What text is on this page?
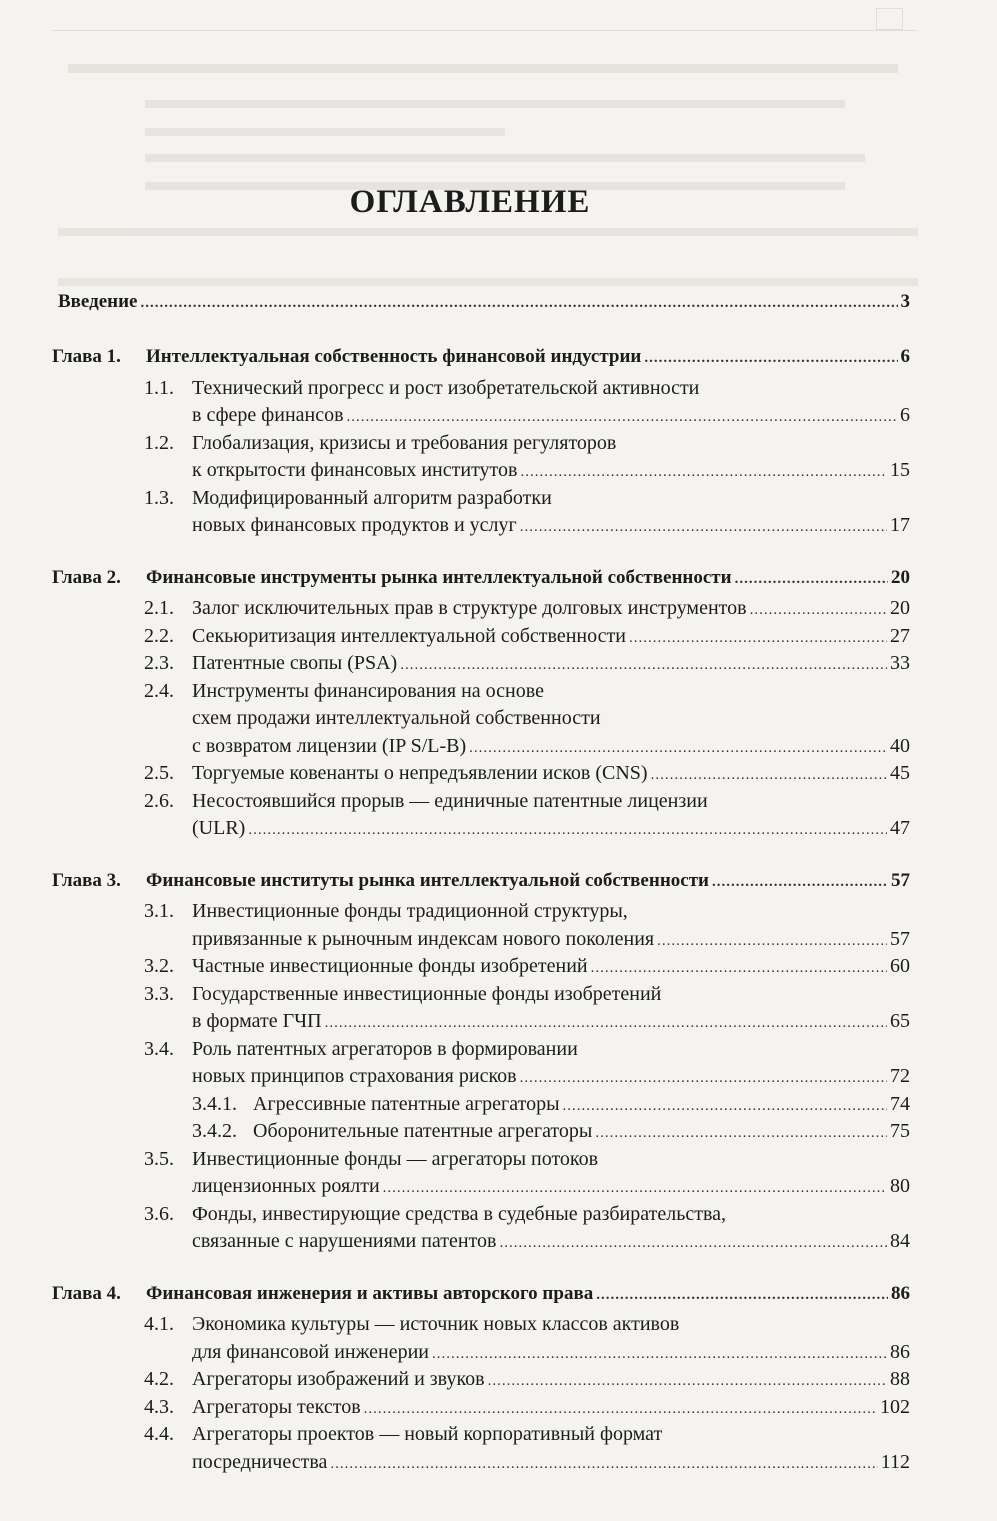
ОГЛАВЛЕНИЕ
Введение .....	3
Глава 1. Интеллектуальная собственность финансовой индустрии .....	6
1.1. Технический прогресс и рост изобретательской активности
в сфере финансов .....	6
1.2. Глобализация, кризисы и требования регуляторов
к открытости финансовых институтов .....	15
1.3. Модифицированный алгоритм разработки
новых финансовых продуктов и услуг .....	17
Глава 2. Финансовые инструменты рынка интеллектуальной собственности .....	20
2.1. Залог исключительных прав в структуре долговых инструментов .....	20
2.2. Секьюритизация интеллектуальной собственности .....	27
2.3. Патентные свопы (PSA) .....	33
2.4. Инструменты финансирования на основе
схем продажи интеллектуальной собственности
с возвратом лицензии (IP S/L-B) .....	40
2.5. Торгуемые ковенанты о непредъявлении исков (CNS) .....	45
2.6. Несостоявшийся прорыв — единичные патентные лицензии
(ULR) .....	47
Глава 3. Финансовые институты рынка интеллектуальной собственности .....	57
3.1. Инвестиционные фонды традиционной структуры,
привязанные к рыночным индексам нового поколения .....	57
3.2. Частные инвестиционные фонды изобретений .....	60
3.3. Государственные инвестиционные фонды изобретений
в формате ГЧП .....	65
3.4. Роль патентных агрегаторов в формировании
новых принципов страхования рисков .....	72
3.4.1. Агрессивные патентные агрегаторы .....	74
3.4.2. Оборонительные патентные агрегаторы .....	75
3.5. Инвестиционные фонды — агрегаторы потоков
лицензионных роялти .....	80
3.6. Фонды, инвестирующие средства в судебные разбирательства,
связанные с нарушениями патентов .....	84
Глава 4. Финансовая инженерия и активы авторского права .....	86
4.1. Экономика культуры — источник новых классов активов
для финансовой инженерии .....	86
4.2. Агрегаторы изображений и звуков .....	88
4.3. Агрегаторы текстов .....	102
4.4. Агрегаторы проектов — новый корпоративный формат
посредничества .....	112
